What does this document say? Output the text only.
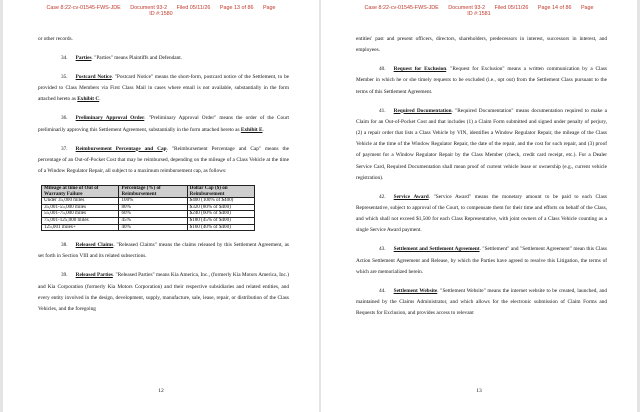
Case 8:22-cv-01545-FWS-JDE Document 93-2 Filed 05/11/26 Page 13 of 86 Page
ID #:1580

or other records.

34. Parties. "Parties" means Plaintiffs and Defendant.

35. Postcard Notice. "Postcard Notice" means the short-form, postcard notice of the Settlement, to be provided to Class Members via First Class Mail in cases where email is not available, substantially in the form attached hereto as Exhibit C.

36. Preliminary Approval Order. "Preliminary Approval Order" means the order of the Court preliminarily approving this Settlement Agreement, substantially in the form attached hereto as Exhibit E.

37. Reimbursement Percentage and Cap. "Reimbursement Percentage and Cap" means the percentage of an Out-of-Pocket Cost that may be reimbursed, depending on the mileage of a Class Vehicle at the time of a Window Regulator Repair, all subject to a maximum reimbursement cap, as follows:

Mileage at time of Out of Warranty Failure	Percentage (%) of Reimbursement	Dollar Cap ($) on Reimbursement
Under 35,000 miles	100%	$400 (100% of $400)
35,001-55,000 miles	80%	$320 (80% of $400)
55,001-75,000 miles	60%	$240 (60% of $400)
75,001-125,000 miles	45%	$180 (45% of $400)
125,001 miles+	40%	$160 (40% of $400)

38. Released Claims. "Released Claims" means the claims released by this Settlement Agreement, as set forth in Section VIII and its related subsections.

39. Released Parties. "Released Parties" means Kia America, Inc., (formerly Kia Motors America, Inc.) and Kia Corporation (formerly Kia Motors Corporation) and their respective subsidiaries and related entities, and every entity involved in the design, development, supply, manufacture, sale, lease, repair, or distribution of the Class Vehicles, and the foregoing

12
Case 8:22-cv-01545-FWS-JDE Document 93-2 Filed 05/11/26 Page 14 of 86 Page
ID #:1581

entities' past and present officers, directors, shareholders, predecessors in interest, successors in interest, and employees.

40. Request for Exclusion. "Request for Exclusion" means a written communication by a Class Member in which he or she timely requests to be excluded (i.e., opt out) from the Settlement Class pursuant to the terms of this Settlement Agreement.

41. Required Documentation. "Required Documentation" means documentation required to make a Claim for an Out-of-Pocket Cost and that includes (1) a Claim Form submitted and signed under penalty of perjury, (2) a repair order that lists a Class Vehicle by VIN, identifies a Window Regulator Repair, the mileage of the Class Vehicle at the time of the Window Regulator Repair, the date of the repair, and the cost for such repair, and (3) proof of payment for a Window Regulator Repair by the Class Member (check, credit card receipt, etc.). For a Dealer Service Card, Required Documentation shall mean proof of current vehicle lease or ownership (e.g., current vehicle registration).

42. Service Award. "Service Award" means the monetary amount to be paid to each Class Representative, subject to approval of the Court, to compensate them for their time and efforts on behalf of the Class, and which shall not exceed $1,500 for each Class Representative, with joint owners of a Class Vehicle counting as a single Service Award payment.

43. Settlement and Settlement Agreement. "Settlement" and "Settlement Agreement" mean this Class Action Settlement Agreement and Release, by which the Parties have agreed to resolve this Litigation, the terms of which are memorialized herein.

44. Settlement Website. "Settlement Website" means the internet website to be created, launched, and maintained by the Claims Administrator, and which allows for the electronic submission of Claim Forms and Requests for Exclusion, and provides access to relevant

13
